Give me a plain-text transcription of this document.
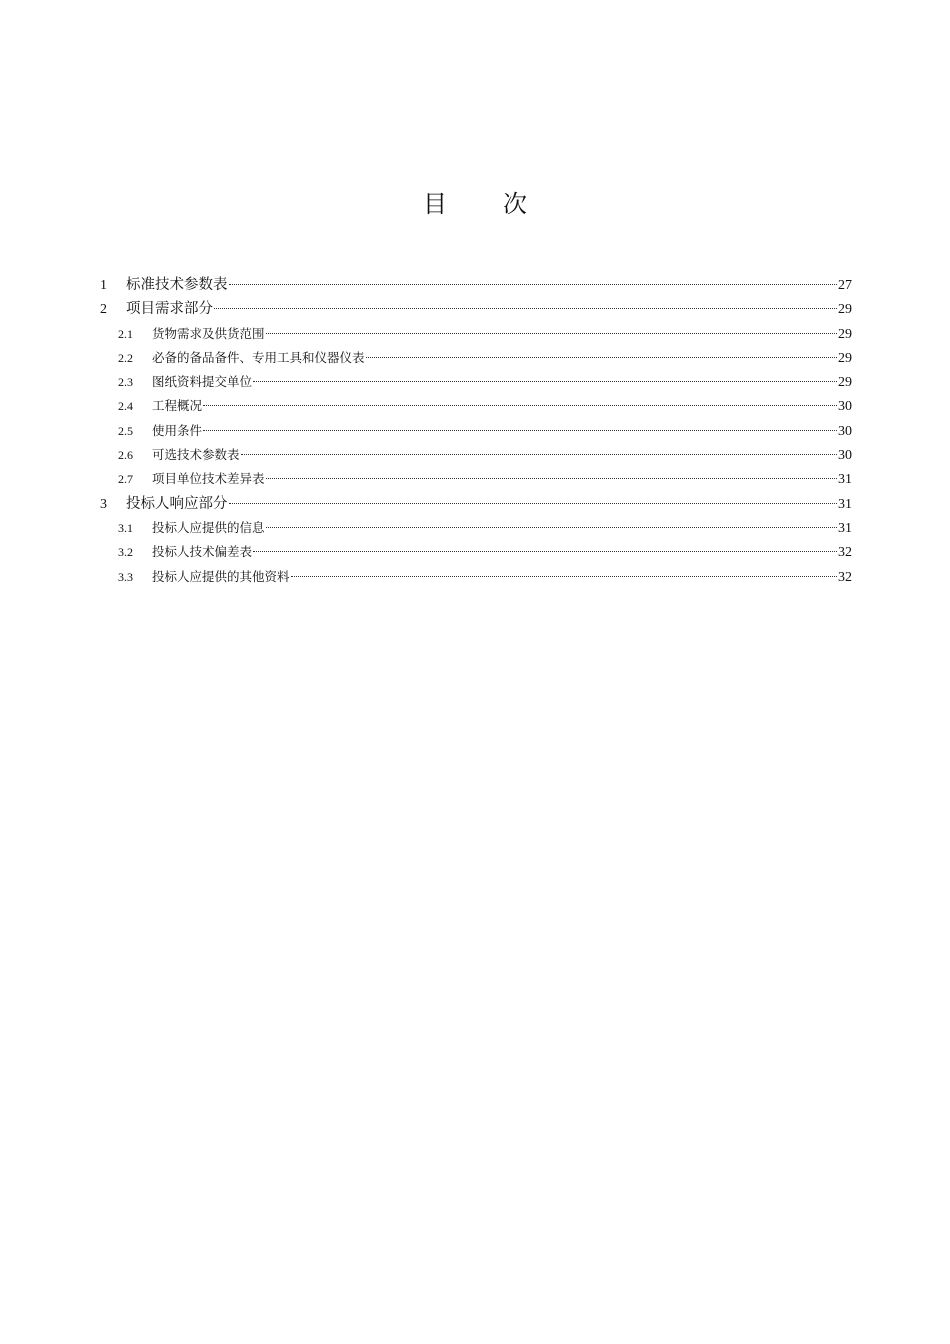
目 次
1	标准技术参数表	27
2	项目需求部分	29
2.1	货物需求及供货范围	29
2.2	必备的备品备件、专用工具和仪器仪表	29
2.3	图纸资料提交单位	29
2.4	工程概况	30
2.5	使用条件	30
2.6	可选技术参数表	30
2.7	项目单位技术差异表	31
3	投标人响应部分	31
3.1	投标人应提供的信息	31
3.2	投标人技术偏差表	32
3.3	投标人应提供的其他资料	32
